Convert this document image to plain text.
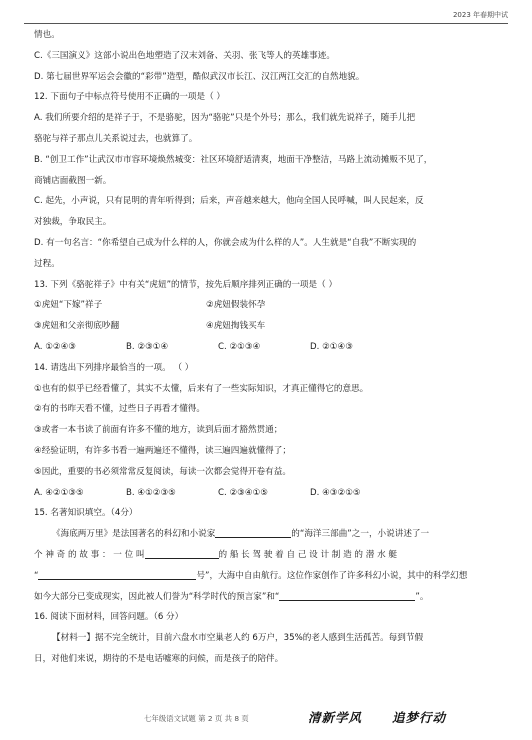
2023 年春期中试

情也。

C.《三国演义》这部小说出色地塑造了汉末刘备、关羽、张飞等人的英雄事迹。

D. 第七届世界军运会会徽的“彩带”造型，酷似武汉市长江、汉江两江交汇的自然地貌。

12. 下面句子中标点符号使用不正确的一项是（ ）

A. 我们所要介绍的是祥子于，不是骆驼，因为“骆驼”只是个外号；那么，我们就先说祥子，随手儿把

骆驼与祥子那点儿关系说过去，也就算了。

B. “创卫工作”让武汉市市容环境焕然城变：社区环境舒适清爽，地面干净整洁，马路上流动摊贩不见了，

商铺店面截图一新。

C. 起先，小声说，只有昆明的青年听得到；后来，声音越来越大，他向全国人民呼喊，叫人民起来，反

对独裁，争取民主。

D. 有一句名言：“你希望自己成为什么样的人，你就会成为什么样的人”。人生就是“自我”不断实现的

过程。

13. 下列《骆驼祥子》中有关“虎妞”的情节，按先后顺序排列正确的一项是（ ）

①虎妞“下嫁”祥子	②虎妞假装怀孕

③虎妞和父亲彻底吵翻	④虎妞掏钱买车

A. ①②④③	B. ②③①④	C. ②①③④	D. ②①④③

14. 请选出下列排序最恰当的一项。 （ ）

①也有的似乎已经看懂了，其实不太懂，后来有了一些实际知识，才真正懂得它的意思。

②有的书昨天看不懂，过些日子再看才懂得。

③或者一本书读了前面有许多不懂的地方，读到后面才豁然贯通；

④经验证明，有许多书看一遍两遍还不懂得，读三遍四遍就懂得了；

⑤因此，重要的书必须常常反复阅读，每读一次都会觉得开卷有益。

A. ④②①③⑤	B. ④①②③⑤	C. ②③④①⑤	D. ④③②①⑤

15. 名著知识填空。（4分）

《海底两万里》是法国著名的科幻和小说家	的“海洋三部曲”之一，小说讲述了一

个 神 奇 的 故 事 ： 一 位 叫	的 船 长 驾 驶 着 自 己 设 计 制 造 的 潜 水 艇

“	号”，大海中自由航行。这位作家创作了许多科幻小说，其中的科学幻想

如今大部分已变成现实，因此被人们誉为“科学时代的预言家”和“	”。

16. 阅读下面材料，回答问题。（6 分）

【材料一】据不完全统计，目前六盘水市空巢老人约 6万户，35%的老人感到生活孤苦。每到节假

日，对他们来说，期待的不是电话嘘寒的问候，而是孩子的陪伴。

七年级语文试题 第 2 页 共 8 页	清新学风 追梦行动
